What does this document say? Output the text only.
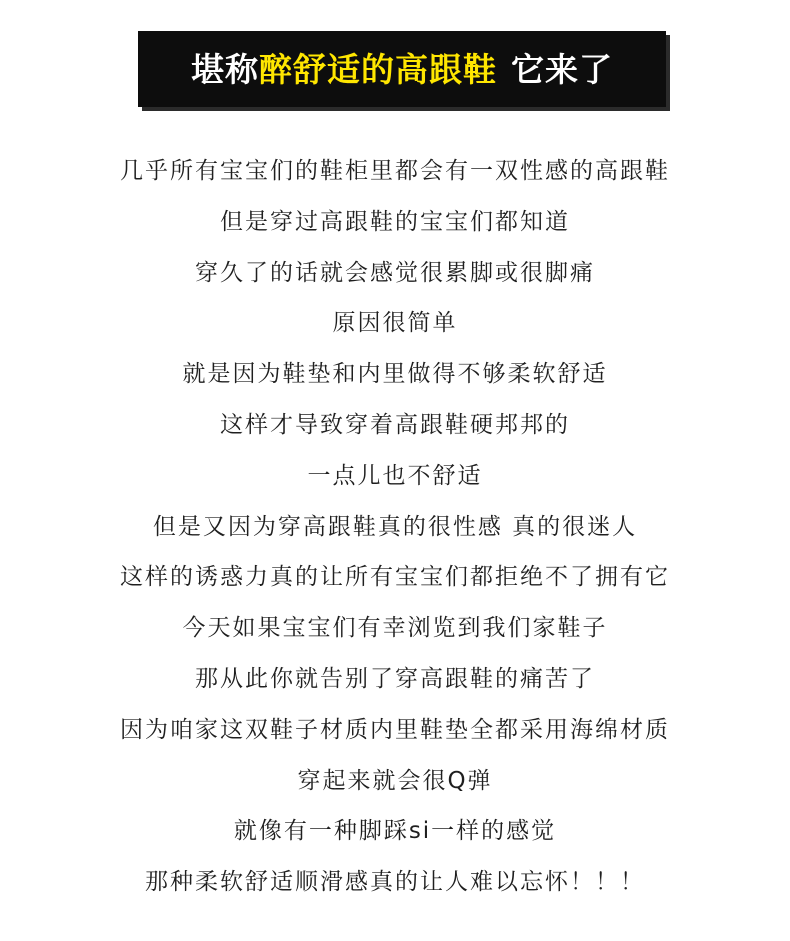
堪称醉舒适的高跟鞋 它来了
几乎所有宝宝们的鞋柜里都会有一双性感的高跟鞋
但是穿过高跟鞋的宝宝们都知道
穿久了的话就会感觉很累脚或很脚痛
原因很简单
就是因为鞋垫和内里做得不够柔软舒适
这样才导致穿着高跟鞋硬邦邦的
一点儿也不舒适
但是又因为穿高跟鞋真的很性感 真的很迷人
这样的诱惑力真的让所有宝宝们都拒绝不了拥有它
今天如果宝宝们有幸浏览到我们家鞋子
那从此你就告别了穿高跟鞋的痛苦了
因为咱家这双鞋子材质内里鞋垫全都采用海绵材质
穿起来就会很Q弹
就像有一种脚踩si一样的感觉
那种柔软舒适顺滑感真的让人难以忘怀！！！
